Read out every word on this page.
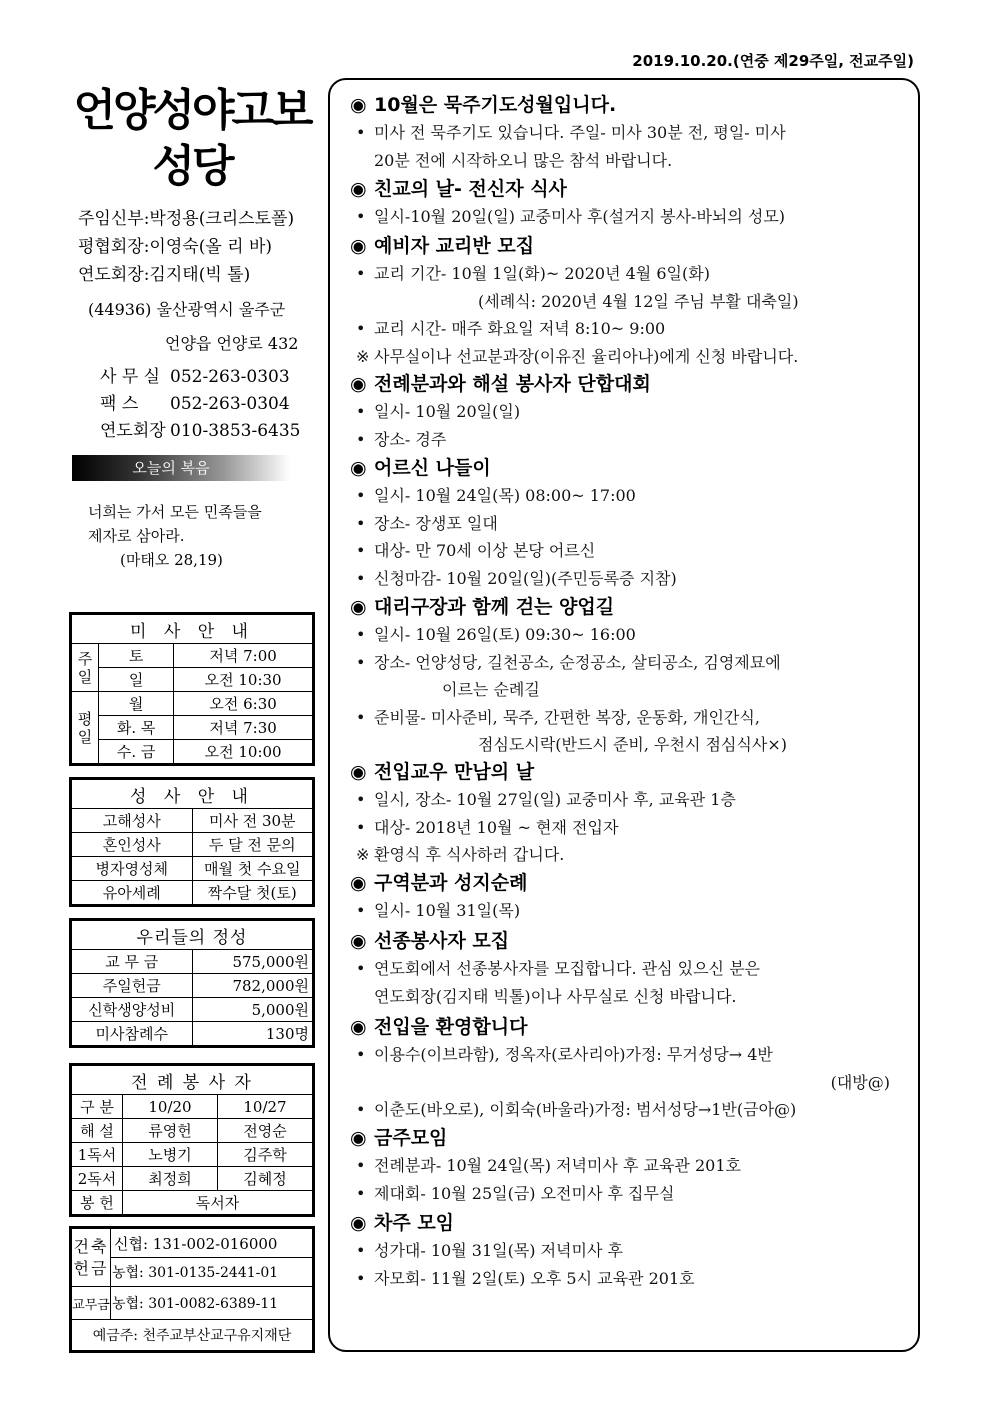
2019.10.20.(연중 제29주일, 전교주일)
언양성야고보
성당
주임신부:박정용(크리스토폴)
평협회장:이영숙(올 리 바)
연도회장:김지태(빅 톨)
(44936) 울산광역시 울주군
언양읍 언양로 432
사 무 실 052-263-0303
팩 스 052-263-0304
연도회장 010-3853-6435
오늘의 복음
너희는 가서 모든 민족들을
제자로 삼아라.
(마태오 28,19)
미 사 안 내		
주일	토	저녁 7:00
	일	오전 10:30
평일	월	오전 6:30
	화. 목	저녁 7:30
	수. 금	오전 10:00
성 사 안 내	
고해성사	미사 전 30분
혼인성사	두 달 전 문의
병자영성체	매월 첫 수요일
유아세례	짝수달 첫(토)
우리들의 정성	
교 무 금	575,000원
주일헌금	782,000원
신학생양성비	5,000원
미사참례수	130명
전 례 봉 사 자		
구 분	10/20	10/27
해 설	류영헌	전영순
1독서	노병기	김주학
2독서	최정희	김혜정
봉 헌	독서자	
건축헌금	신협: 131-002-016000
	농협: 301-0135-2441-01
교무금	농협: 301-0082-6389-11
예금주: 천주교부산교구유지재단	
◉ 10월은 묵주기도성월입니다.
• 미사 전 묵주기도 있습니다. 주일- 미사 30분 전, 평일- 미사
20분 전에 시작하오니 많은 참석 바랍니다.
◉ 친교의 날- 전신자 식사
• 일시-10월 20일(일) 교중미사 후(설거지 봉사-바뇌의 성모)
◉ 예비자 교리반 모집
• 교리 기간- 10월 1일(화)~ 2020년 4월 6일(화)
(세례식: 2020년 4월 12일 주님 부활 대축일)
• 교리 시간- 매주 화요일 저녁 8:10~ 9:00
※ 사무실이나 선교분과장(이유진 율리아나)에게 신청 바랍니다.
◉ 전례분과와 해설 봉사자 단합대회
• 일시- 10월 20일(일)
• 장소- 경주
◉ 어르신 나들이
• 일시- 10월 24일(목) 08:00~ 17:00
• 장소- 장생포 일대
• 대상- 만 70세 이상 본당 어르신
• 신청마감- 10월 20일(일)(주민등록증 지참)
◉ 대리구장과 함께 걷는 양업길
• 일시- 10월 26일(토) 09:30~ 16:00
• 장소- 언양성당, 길천공소, 순정공소, 살티공소, 김영제묘에
이르는 순례길
• 준비물- 미사준비, 묵주, 간편한 복장, 운동화, 개인간식,
점심도시락(반드시 준비, 우천시 점심식사×)
◉ 전입교우 만남의 날
• 일시, 장소- 10월 27일(일) 교중미사 후, 교육관 1층
• 대상- 2018년 10월 ~ 현재 전입자
※ 환영식 후 식사하러 갑니다.
◉ 구역분과 성지순례
• 일시- 10월 31일(목)
◉ 선종봉사자 모집
• 연도회에서 선종봉사자를 모집합니다. 관심 있으신 분은
연도회장(김지태 빅톨)이나 사무실로 신청 바랍니다.
◉ 전입을 환영합니다
• 이용수(이브라함), 정옥자(로사리아)가정: 무거성당→ 4반
(대방@)
• 이춘도(바오로), 이회숙(바울라)가정: 범서성당→1반(금아@)
◉ 금주모임
• 전례분과- 10월 24일(목) 저녁미사 후 교육관 201호
• 제대회- 10월 25일(금) 오전미사 후 집무실
◉ 차주 모임
• 성가대- 10월 31일(목) 저녁미사 후
• 자모회- 11월 2일(토) 오후 5시 교육관 201호
